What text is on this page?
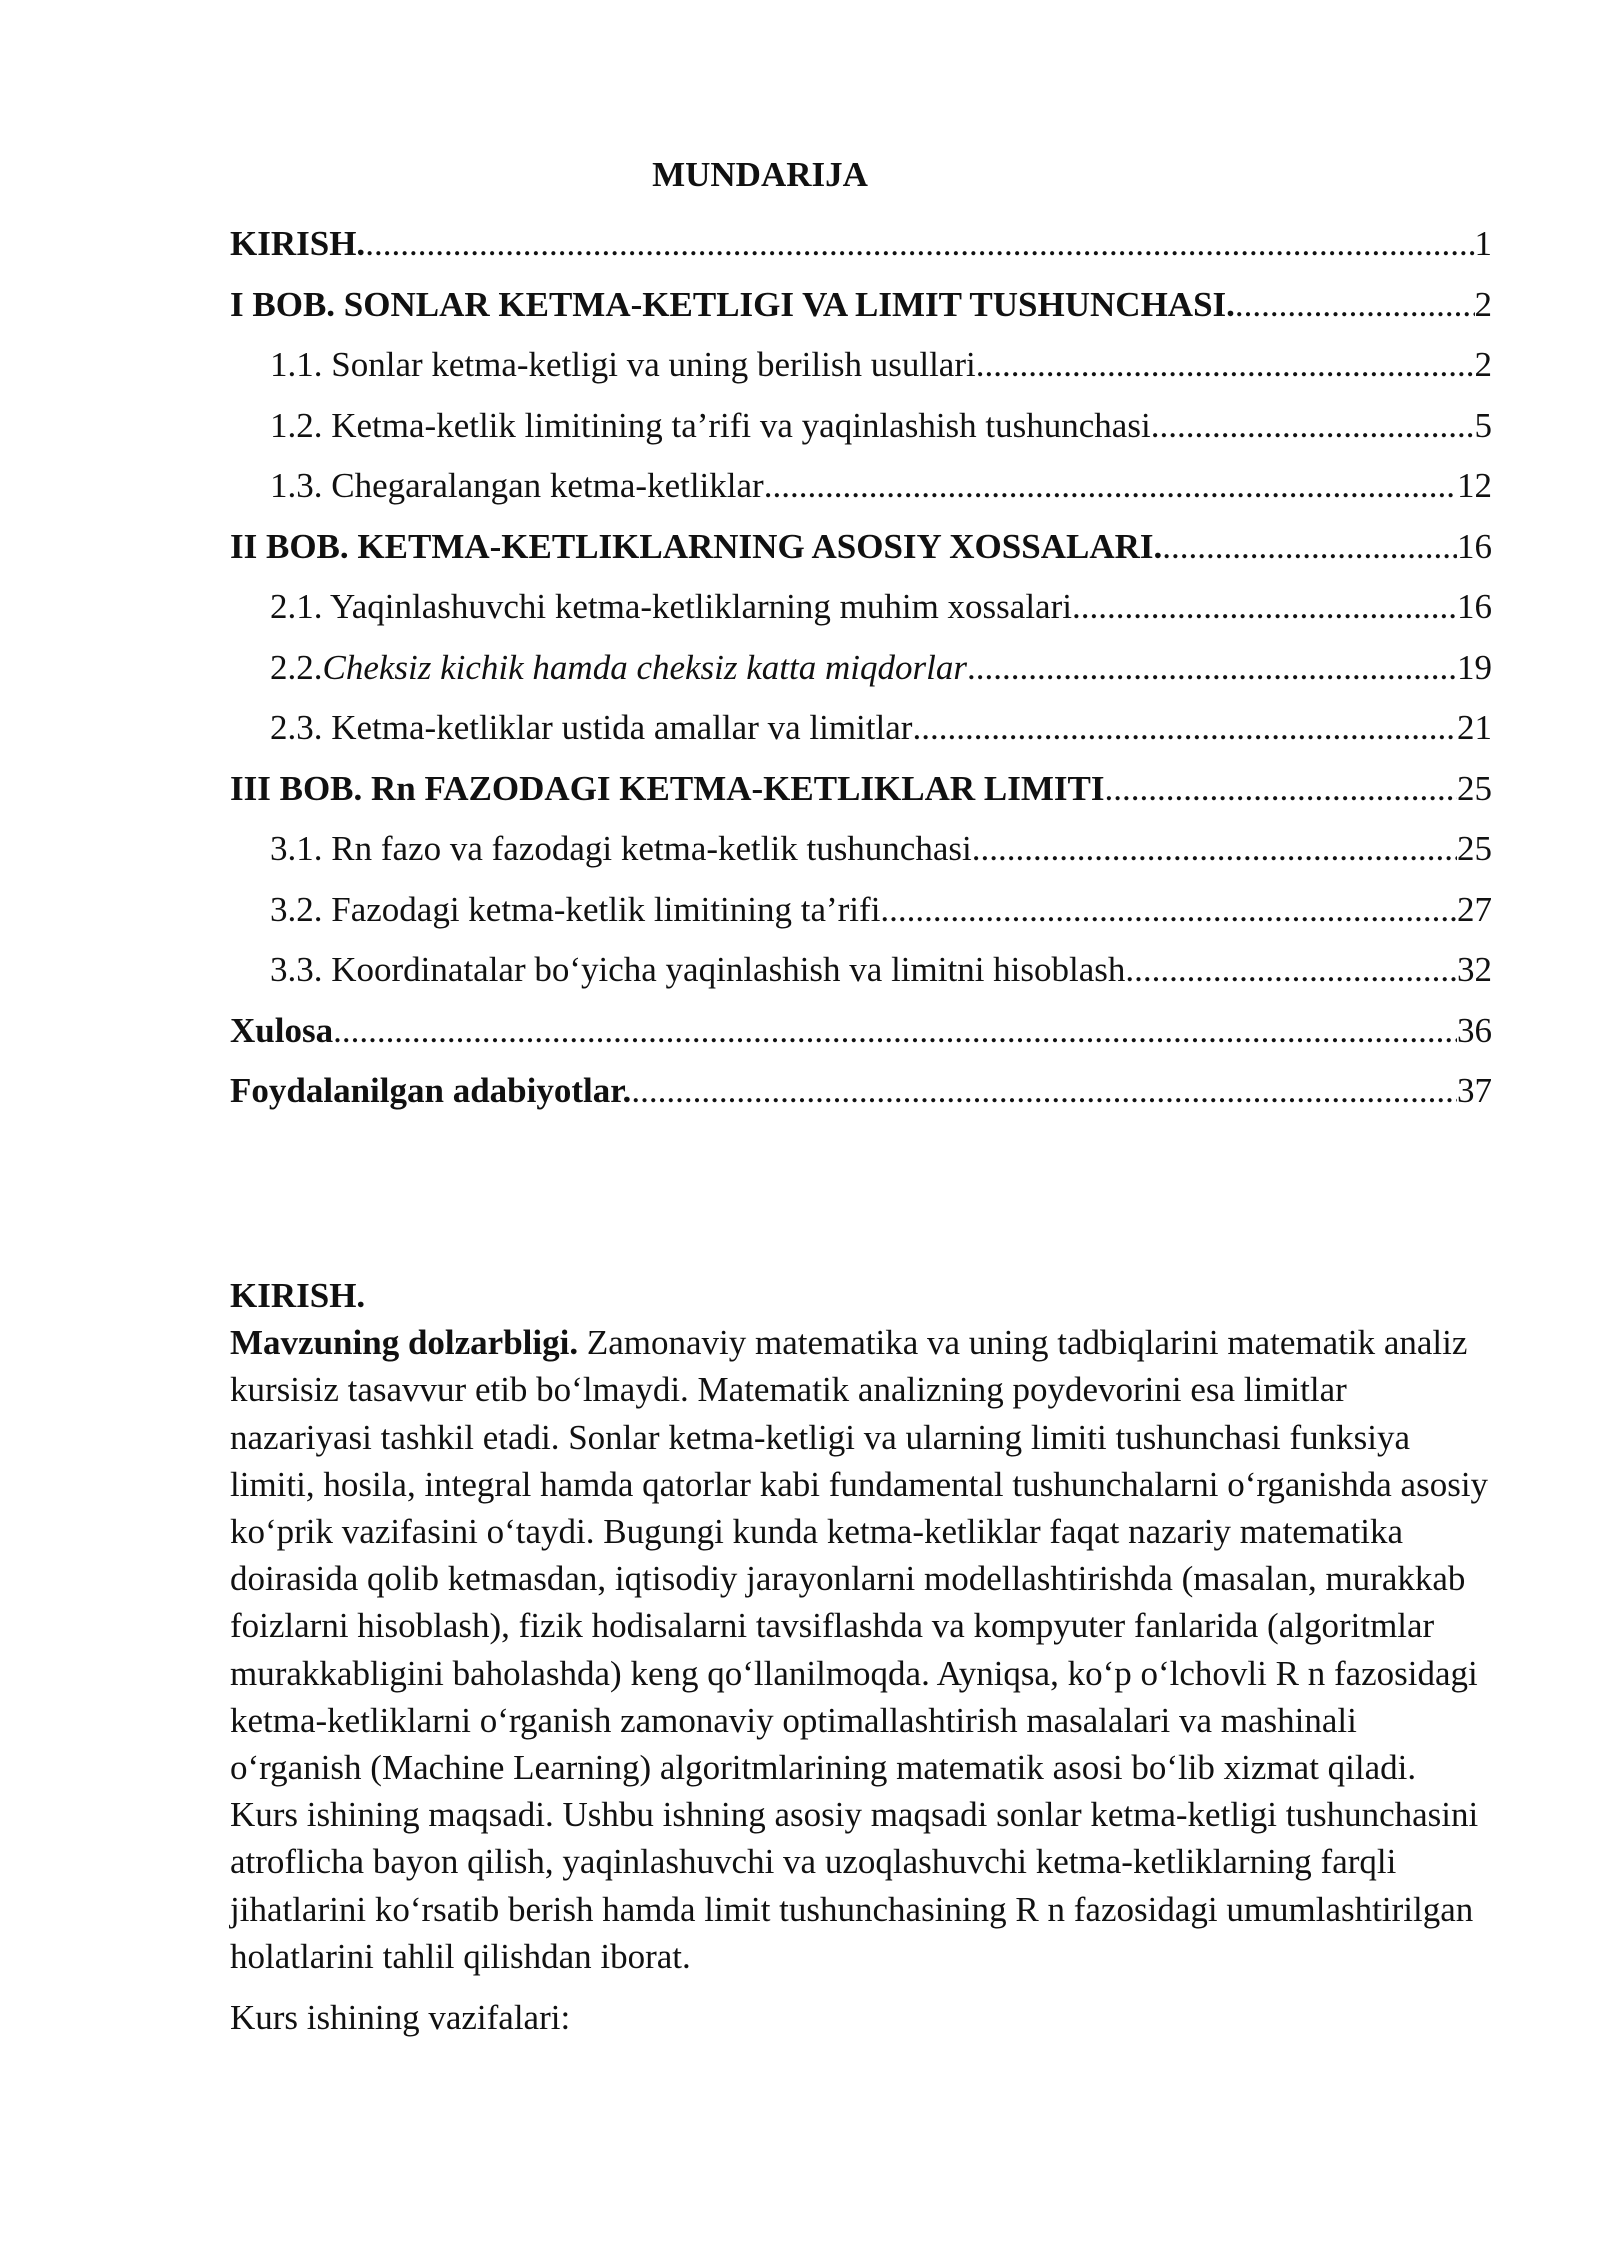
MUNDARIJA
KIRISH. .....	1
I BOB. SONLAR KETMA-KETLIGI VA LIMIT TUSHUNCHASI. .....	2
1.1. Sonlar ketma-ketligi va uning berilish usullari .....	2
1.2. Ketma-ketlik limitining ta’rifi va yaqinlashish tushunchasi .....	5
1.3. Chegaralangan ketma-ketliklar .....	12
II BOB. KETMA-KETLIKLARNING ASOSIY XOSSALARI. .....	16
2.1. Yaqinlashuvchi ketma-ketliklarning muhim xossalari .....	16
2.2.Cheksiz kichik hamda cheksiz katta miqdorlar .....	19
2.3. Ketma-ketliklar ustida amallar va limitlar .....	21
III BOB. Rn FAZODAGI KETMA-KETLIKLAR LIMITI .....	25
3.1. Rn fazo va fazodagi ketma-ketlik tushunchasi .....	25
3.2. Fazodagi ketma-ketlik limitining ta’rifi .....	27
3.3. Koordinatalar bo‘yicha yaqinlashish va limitni hisoblash .....	32
Xulosa .....	36
Foydalanilgan adabiyotlar. .....	37

KIRISH.

Mavzuning dolzarbligi. Zamonaviy matematika va uning tadbiqlarini matematik analiz kursisiz tasavvur etib bo‘lmaydi. Matematik analizning poydevorini esa limitlar nazariyasi tashkil etadi. Sonlar ketma-ketligi va ularning limiti tushunchasi funksiya limiti, hosila, integral hamda qatorlar kabi fundamental tushunchalarni o‘rganishda asosiy ko‘prik vazifasini o‘taydi. Bugungi kunda ketma-ketliklar faqat nazariy matematika doirasida qolib ketmasdan, iqtisodiy jarayonlarni modellashtirishda (masalan, murakkab foizlarni hisoblash), fizik hodisalarni tavsiflashda va kompyuter fanlarida (algoritmlar murakkabligini baholashda) keng qo‘llanilmoqda. Ayniqsa, ko‘p o‘lchovli R n fazosidagi ketma-ketliklarni o‘rganish zamonaviy optimallashtirish masalalari va mashinali o‘rganish (Machine Learning) algoritmlarining matematik asosi bo‘lib xizmat qiladi. Kurs ishining maqsadi. Ushbu ishning asosiy maqsadi sonlar ketma-ketligi tushunchasini atroflicha bayon qilish, yaqinlashuvchi va uzoqlashuvchi ketma-ketliklarning farqli jihatlarini ko‘rsatib berish hamda limit tushunchasining R n fazosidagi umumlashtirilgan holatlarini tahlil qilishdan iborat.

Kurs ishining vazifalari:
